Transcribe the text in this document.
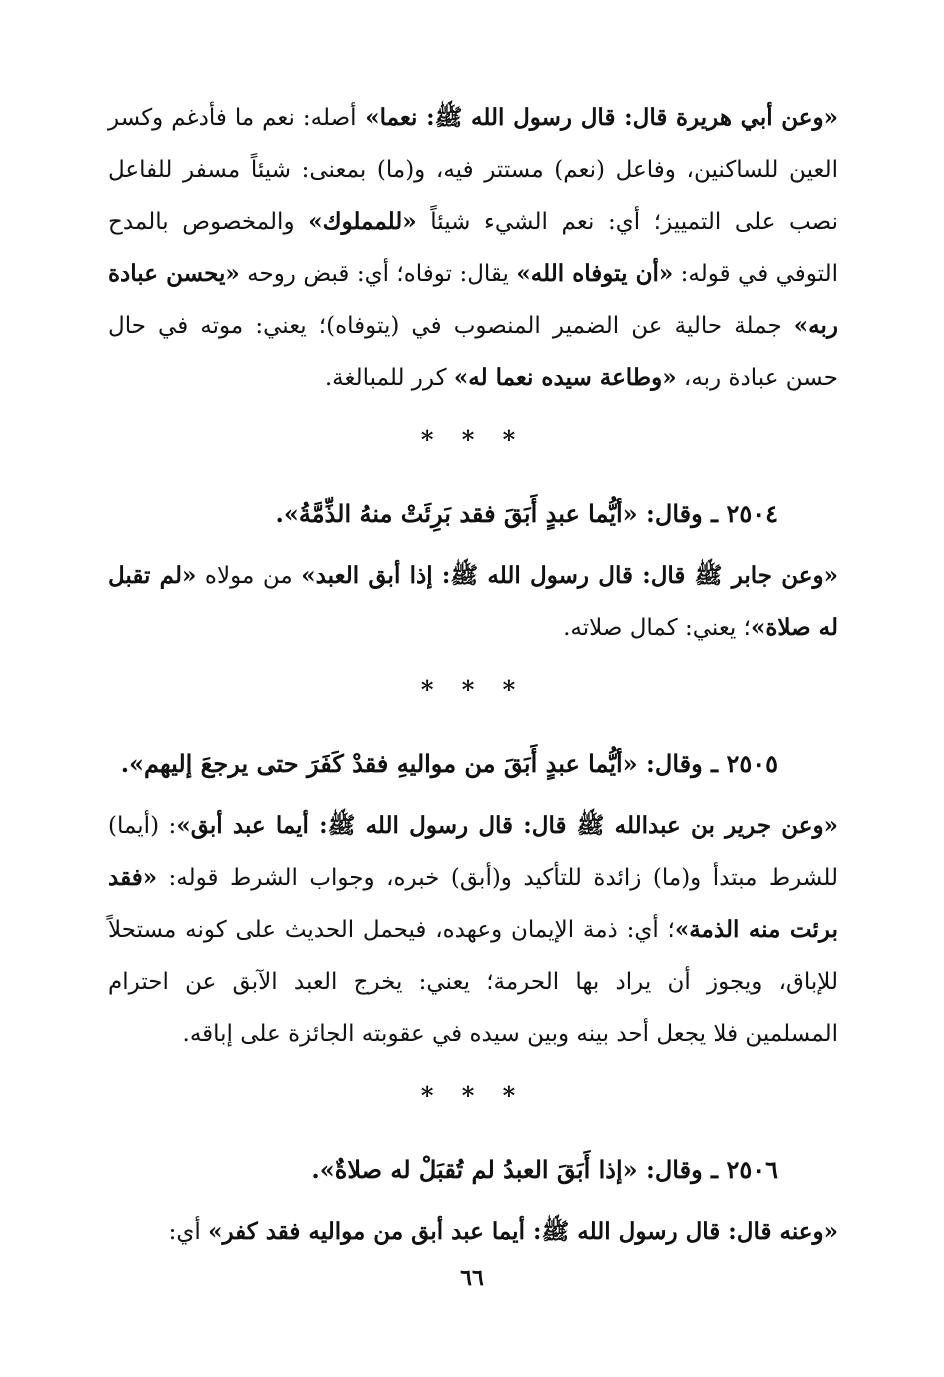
«وعن أبي هريرة قال: قال رسول الله ﷺ: نعما» أصله: نعم ما فأدغم وكسر العين للساكنين، وفاعل (نعم) مستتر فيه، و(ما) بمعنى: شيئاً مسفر للفاعل نصب على التمييز؛ أي: نعم الشيء شيئاً «للمملوك» والمخصوص بالمدح التوفي في قوله: «أن يتوفاه الله» يقال: توفاه؛ أي: قبض روحه «يحسن عبادة ربه» جملة حالية عن الضمير المنصوب في (يتوفاه)؛ يعني: موته في حال حسن عبادة ربه، «وطاعة سيده نعما له» كرر للمبالغة.

* * *

٢٥٠٤ ـ وقال: «أيُّما عبدٍ أَبَقَ فقد بَرِئَتْ منهُ الذِّمَّةُ».

«وعن جابر ﷺ قال: قال رسول الله ﷺ: إذا أبق العبد» من مولاه «لم تقبل له صلاة»؛ يعني: كمال صلاته.

* * *

٢٥٠٥ ـ وقال: «أيُّما عبدٍ أَبَقَ من مواليهِ فقدْ كَفَرَ حتى يرجعَ إليهم».

«وعن جرير بن عبدالله ﷺ قال: قال رسول الله ﷺ: أيما عبد أبق»: (أيما) للشرط مبتدأ و(ما) زائدة للتأكيد و(أبق) خبره، وجواب الشرط قوله: «فقد برئت منه الذمة»؛ أي: ذمة الإيمان وعهده، فيحمل الحديث على كونه مستحلاً للإباق، ويجوز أن يراد بها الحرمة؛ يعني: يخرج العبد الآبق عن احترام المسلمين فلا يجعل أحد بينه وبين سيده في عقوبته الجائزة على إباقه.

* * *

٢٥٠٦ ـ وقال: «إذا أَبَقَ العبدُ لم تُقبَلْ له صلاةٌ».

«وعنه قال: قال رسول الله ﷺ: أيما عبد أبق من مواليه فقد كفر» أي:

٦٦
